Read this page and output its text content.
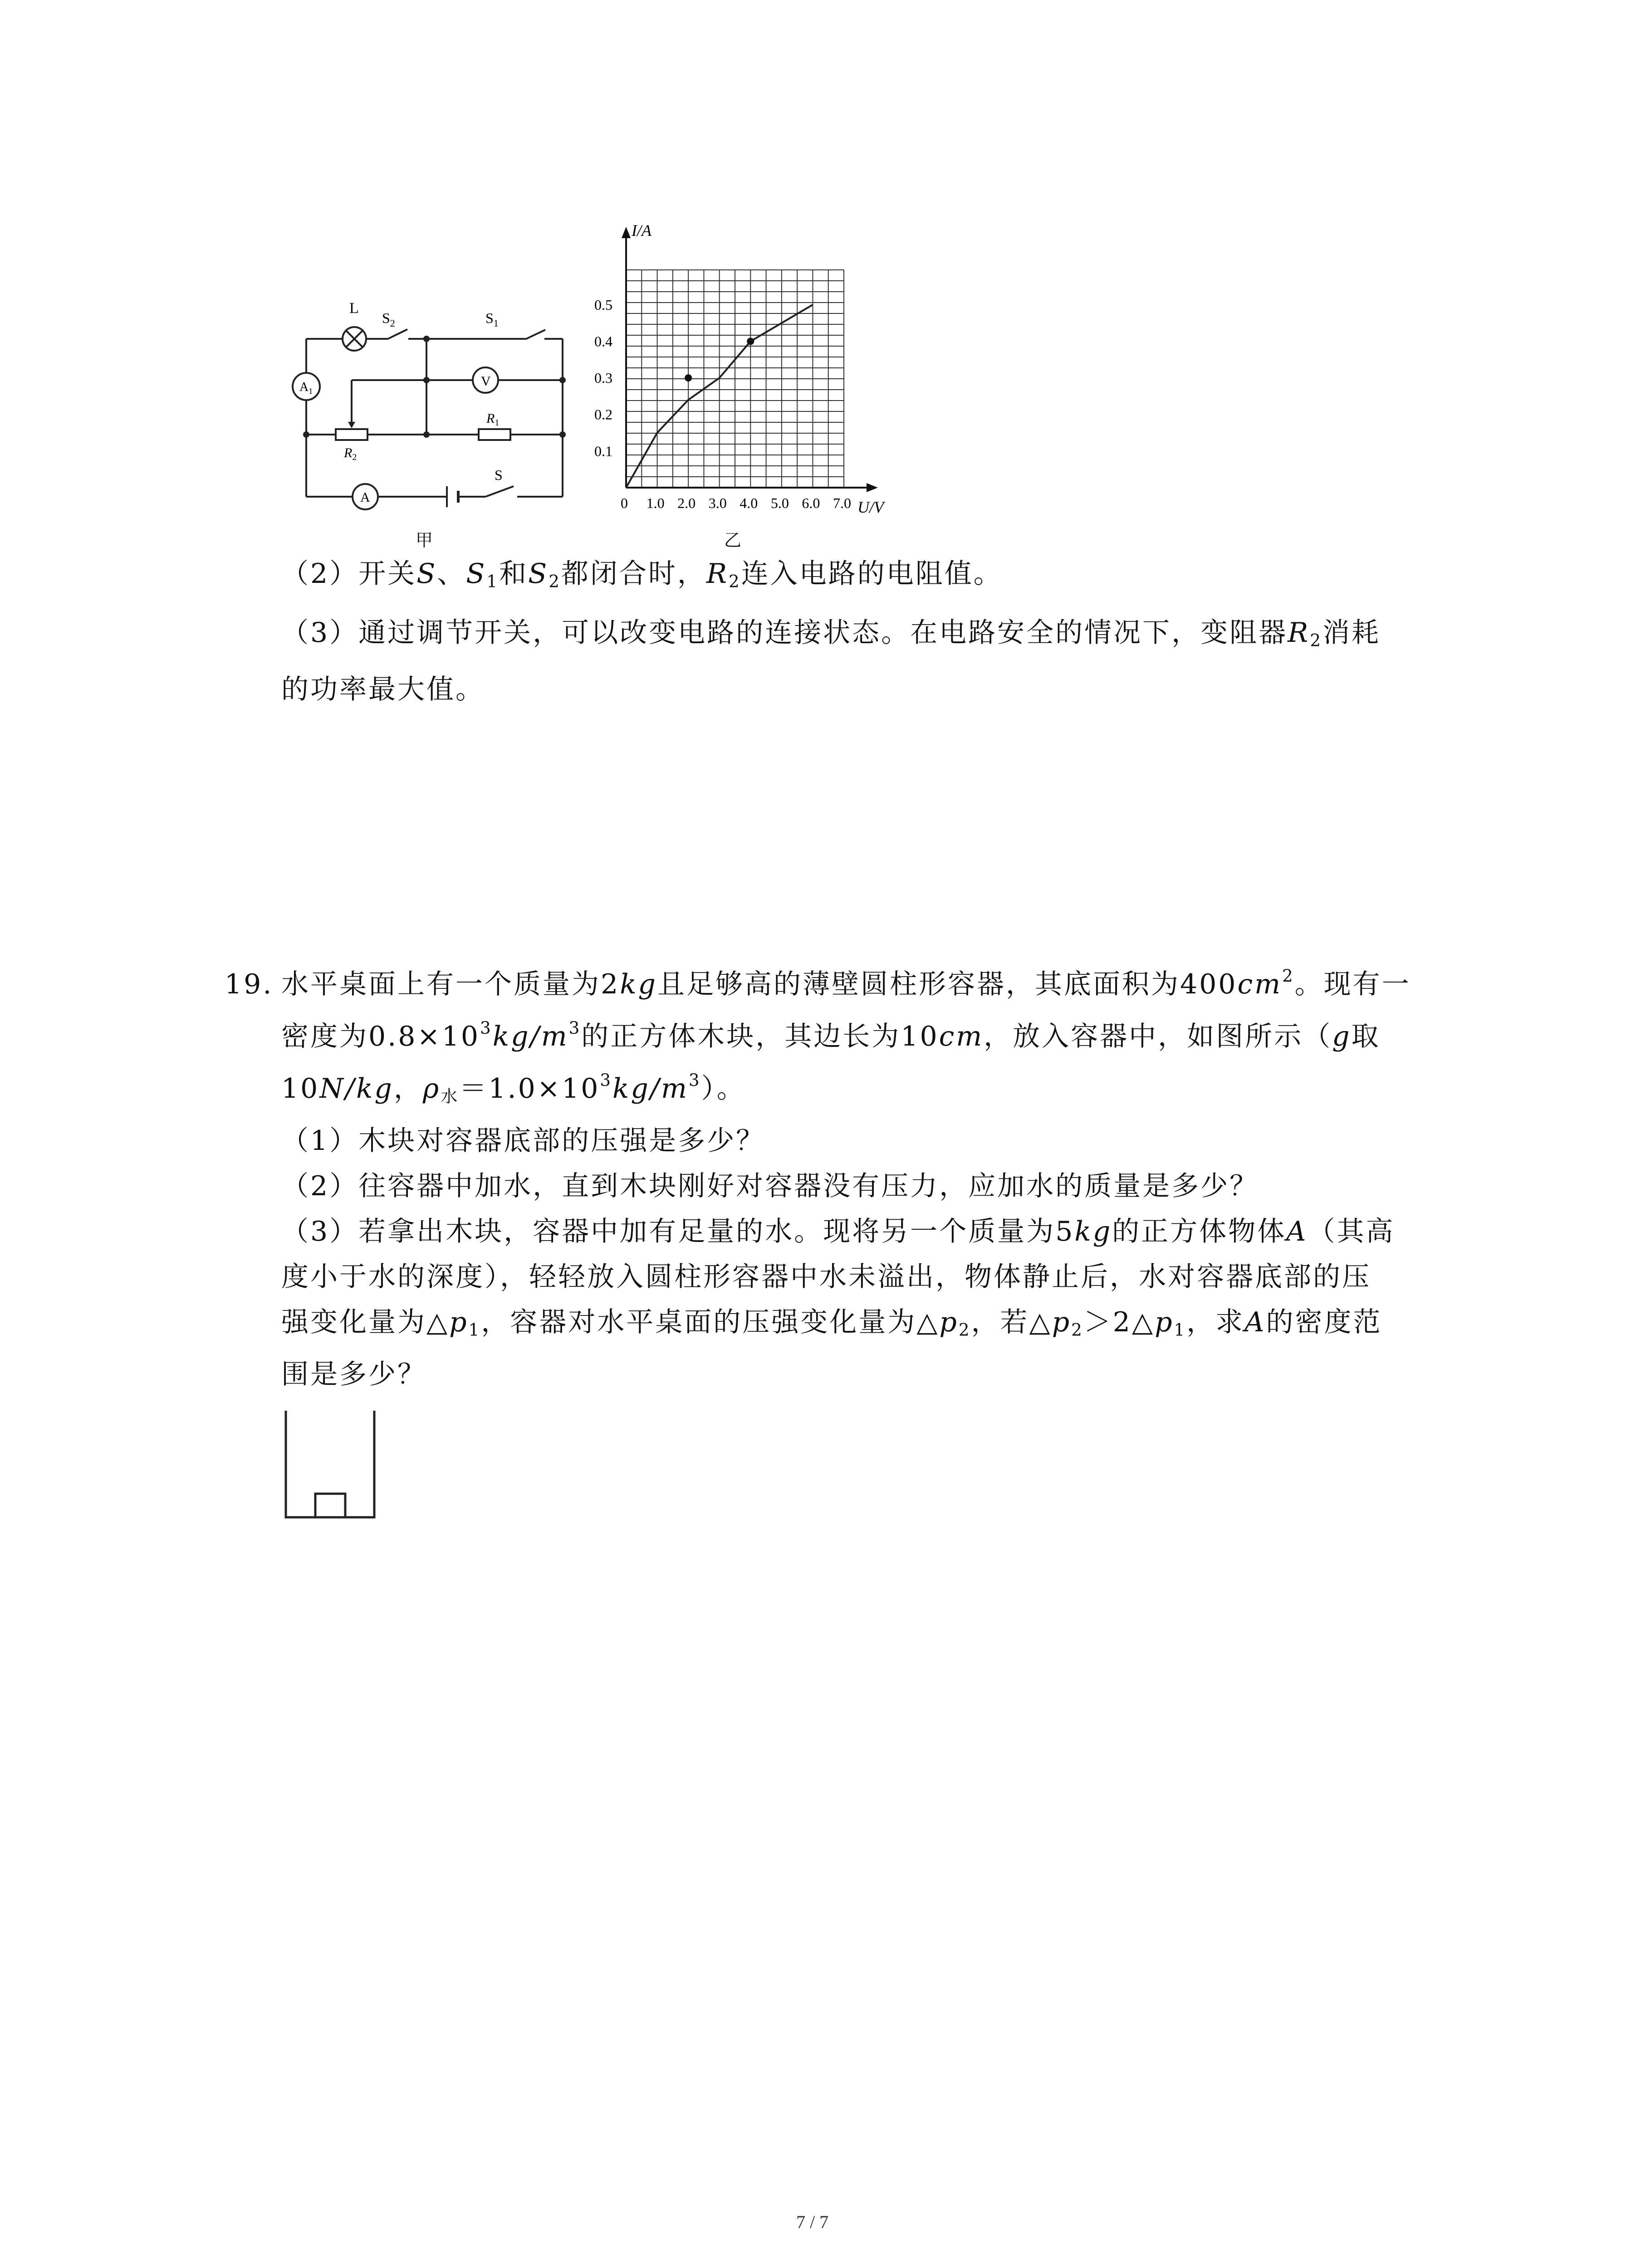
L
$S_2$	$S_1$
V
$A_1$
$R_1$
$R_2$
A
S
甲
I/A
U/V
0 1.0 2.0 3.0 4.0 5.0 6.0 7.0
0.1
0.2
0.3
0.4
0.5
乙
（2）开关S、$S_1$和$S_2$都闭合时，$R_2$连入电路的电阻值。
（3）通过调节开关，可以改变电路的连接状态。在电路安全的情况下，变阻器$R_2$消耗
的功率最大值。
19. 水平桌面上有一个质量为2kg且足够高的薄壁圆柱形容器，其底面积为$400cm^2$。现有一
密度为$0.8\times 10^3kg/m^3$的正方体木块，其边长为10cm，放入容器中，如图所示（g取
10N/kg，$\rho_水=1.0\times 10^3kg/m^3$）。
（1）木块对容器底部的压强是多少？
（2）往容器中加水，直到木块刚好对容器没有压力，应加水的质量是多少？
（3）若拿出木块，容器中加有足量的水。现将另一个质量为5kg的正方体物体A（其高
度小于水的深度），轻轻放入圆柱形容器中水未溢出，物体静止后，水对容器底部的压
强变化量为$\triangle p_1$，容器对水平桌面的压强变化量为$\triangle p_2$，若$\triangle p_2>2\triangle p_1$，求A的密度范
围是多少？
7 / 7
